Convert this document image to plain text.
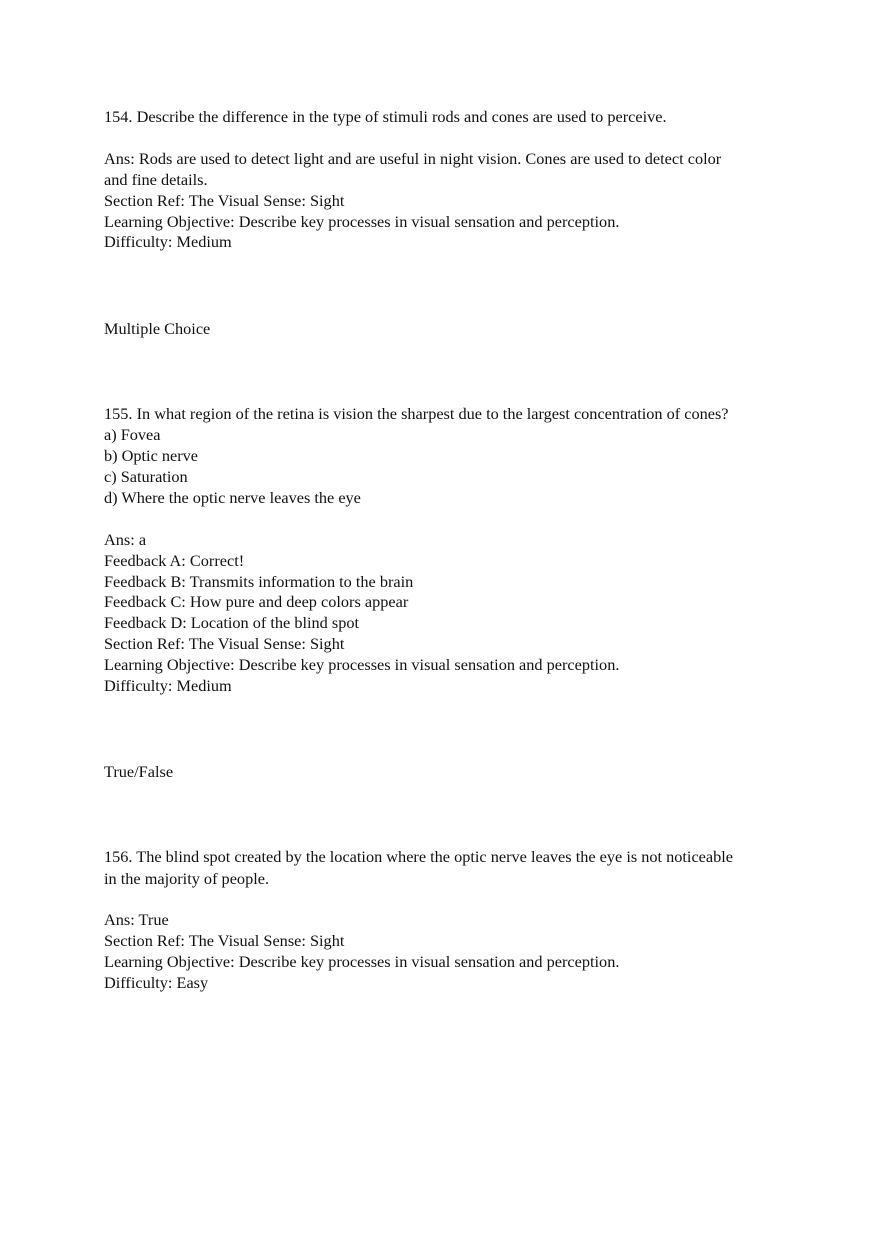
154. Describe the difference in the type of stimuli rods and cones are used to perceive.

Ans: Rods are used to detect light and are useful in night vision. Cones are used to detect color

and fine details.

Section Ref: The Visual Sense: Sight

Learning Objective: Describe key processes in visual sensation and perception.

Difficulty: Medium

Multiple Choice

155. In what region of the retina is vision the sharpest due to the largest concentration of cones?

a) Fovea

b) Optic nerve

c) Saturation

d) Where the optic nerve leaves the eye

Ans: a

Feedback A: Correct!

Feedback B: Transmits information to the brain

Feedback C: How pure and deep colors appear

Feedback D: Location of the blind spot

Section Ref: The Visual Sense: Sight

Learning Objective: Describe key processes in visual sensation and perception.

Difficulty: Medium

True/False

156. The blind spot created by the location where the optic nerve leaves the eye is not noticeable

in the majority of people.

Ans: True

Section Ref: The Visual Sense: Sight

Learning Objective: Describe key processes in visual sensation and perception.

Difficulty: Easy
